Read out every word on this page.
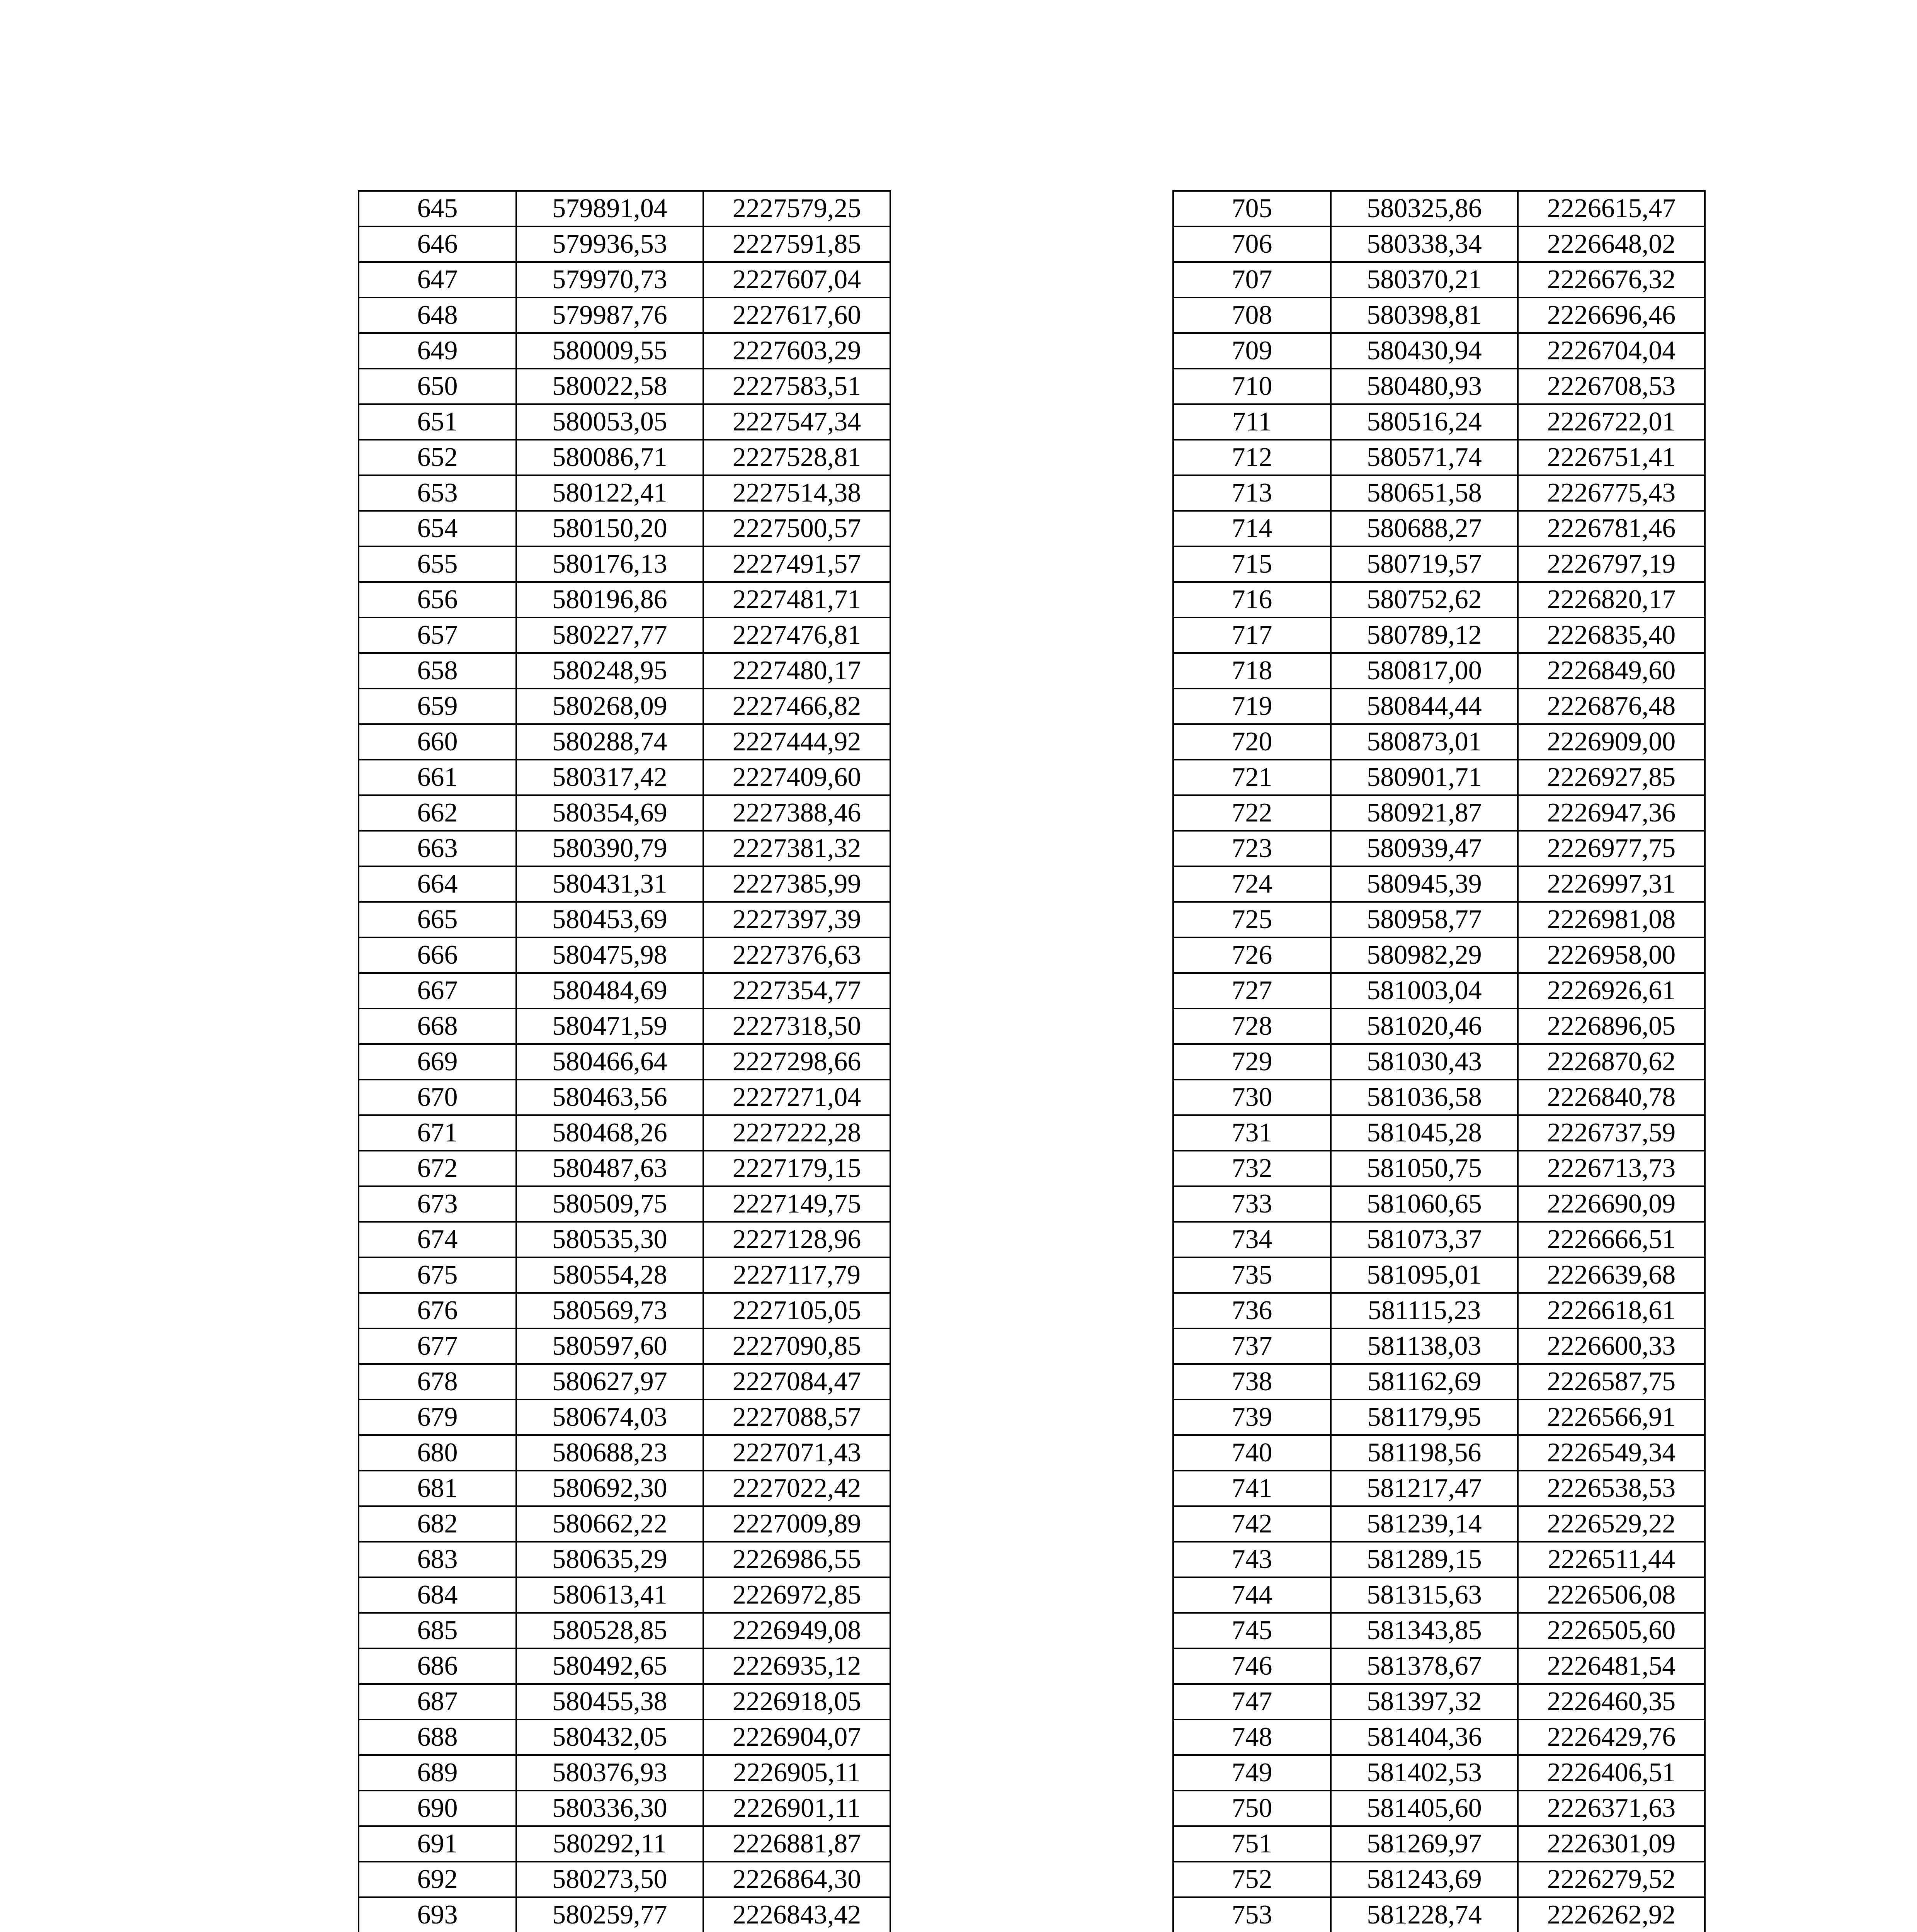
645	579891,04	2227579,25
646	579936,53	2227591,85
647	579970,73	2227607,04
648	579987,76	2227617,60
649	580009,55	2227603,29
650	580022,58	2227583,51
651	580053,05	2227547,34
652	580086,71	2227528,81
653	580122,41	2227514,38
654	580150,20	2227500,57
655	580176,13	2227491,57
656	580196,86	2227481,71
657	580227,77	2227476,81
658	580248,95	2227480,17
659	580268,09	2227466,82
660	580288,74	2227444,92
661	580317,42	2227409,60
662	580354,69	2227388,46
663	580390,79	2227381,32
664	580431,31	2227385,99
665	580453,69	2227397,39
666	580475,98	2227376,63
667	580484,69	2227354,77
668	580471,59	2227318,50
669	580466,64	2227298,66
670	580463,56	2227271,04
671	580468,26	2227222,28
672	580487,63	2227179,15
673	580509,75	2227149,75
674	580535,30	2227128,96
675	580554,28	2227117,79
676	580569,73	2227105,05
677	580597,60	2227090,85
678	580627,97	2227084,47
679	580674,03	2227088,57
680	580688,23	2227071,43
681	580692,30	2227022,42
682	580662,22	2227009,89
683	580635,29	2226986,55
684	580613,41	2226972,85
685	580528,85	2226949,08
686	580492,65	2226935,12
687	580455,38	2226918,05
688	580432,05	2226904,07
689	580376,93	2226905,11
690	580336,30	2226901,11
691	580292,11	2226881,87
692	580273,50	2226864,30
693	580259,77	2226843,42

705	580325,86	2226615,47
706	580338,34	2226648,02
707	580370,21	2226676,32
708	580398,81	2226696,46
709	580430,94	2226704,04
710	580480,93	2226708,53
711	580516,24	2226722,01
712	580571,74	2226751,41
713	580651,58	2226775,43
714	580688,27	2226781,46
715	580719,57	2226797,19
716	580752,62	2226820,17
717	580789,12	2226835,40
718	580817,00	2226849,60
719	580844,44	2226876,48
720	580873,01	2226909,00
721	580901,71	2226927,85
722	580921,87	2226947,36
723	580939,47	2226977,75
724	580945,39	2226997,31
725	580958,77	2226981,08
726	580982,29	2226958,00
727	581003,04	2226926,61
728	581020,46	2226896,05
729	581030,43	2226870,62
730	581036,58	2226840,78
731	581045,28	2226737,59
732	581050,75	2226713,73
733	581060,65	2226690,09
734	581073,37	2226666,51
735	581095,01	2226639,68
736	581115,23	2226618,61
737	581138,03	2226600,33
738	581162,69	2226587,75
739	581179,95	2226566,91
740	581198,56	2226549,34
741	581217,47	2226538,53
742	581239,14	2226529,22
743	581289,15	2226511,44
744	581315,63	2226506,08
745	581343,85	2226505,60
746	581378,67	2226481,54
747	581397,32	2226460,35
748	581404,36	2226429,76
749	581402,53	2226406,51
750	581405,60	2226371,63
751	581269,97	2226301,09
752	581243,69	2226279,52
753	581228,74	2226262,92
